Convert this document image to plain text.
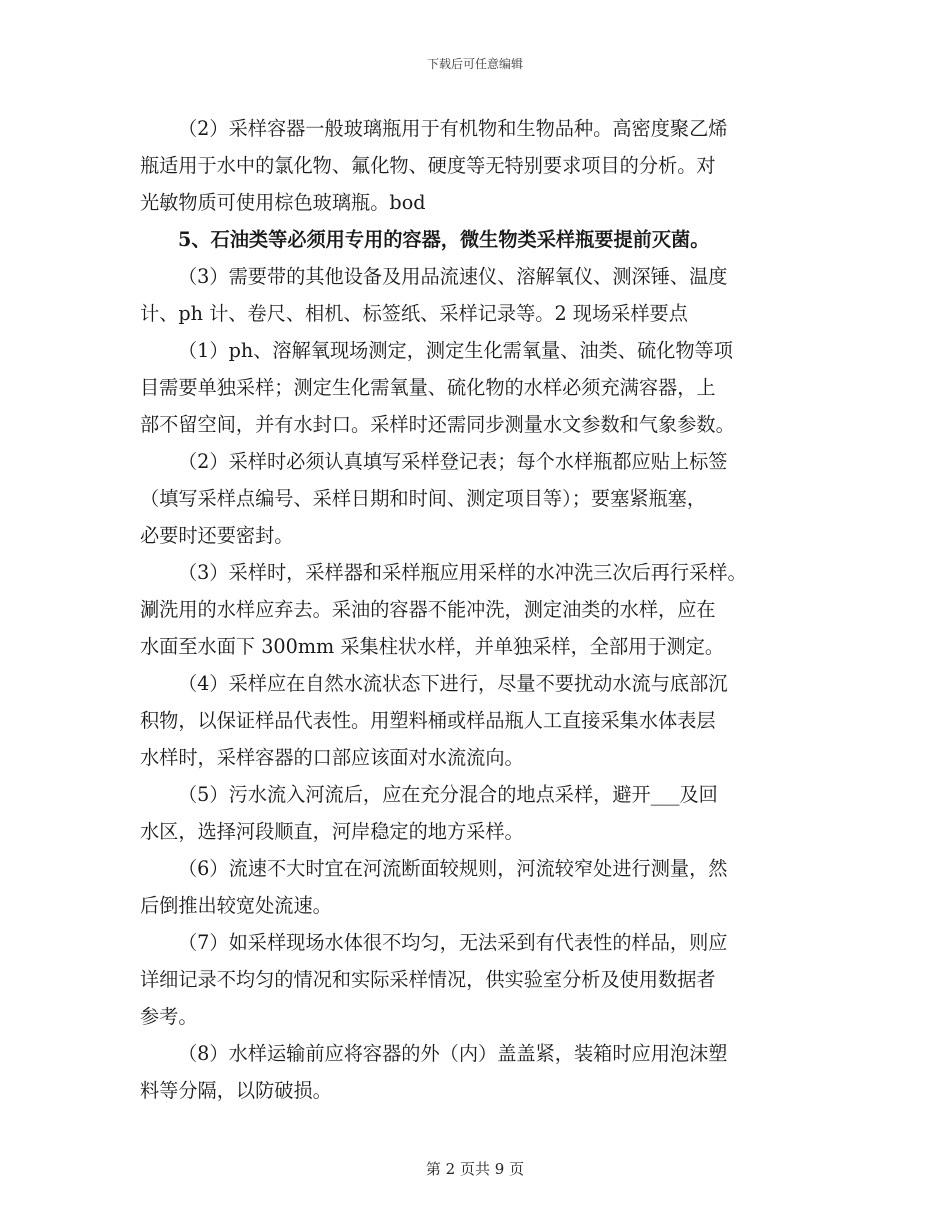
下载后可任意编辑
（2）采样容器一般玻璃瓶用于有机物和生物品种。高密度聚乙烯
瓶适用于水中的氯化物、氟化物、硬度等无特别要求项目的分析。对
光敏物质可使用棕色玻璃瓶。bod
5、石油类等必须用专用的容器，微生物类采样瓶要提前灭菌。
（3）需要带的其他设备及用品流速仪、溶解氧仪、测深锤、温度
计、ph 计、卷尺、相机、标签纸、采样记录等。2 现场采样要点
（1）ph、溶解氧现场测定，测定生化需氧量、油类、硫化物等项
目需要单独采样；测定生化需氧量、硫化物的水样必须充满容器，上
部不留空间，并有水封口。采样时还需同步测量水文参数和气象参数。
（2）采样时必须认真填写采样登记表；每个水样瓶都应贴上标签
（填写采样点编号、采样日期和时间、测定项目等）；要塞紧瓶塞，
必要时还要密封。
（3）采样时，采样器和采样瓶应用采样的水冲洗三次后再行采样。
涮洗用的水样应弃去。采油的容器不能冲洗，测定油类的水样，应在
水面至水面下 300mm 采集柱状水样，并单独采样，全部用于测定。
（4）采样应在自然水流状态下进行，尽量不要扰动水流与底部沉
积物，以保证样品代表性。用塑料桶或样品瓶人工直接采集水体表层
水样时，采样容器的口部应该面对水流流向。
（5）污水流入河流后，应在充分混合的地点采样，避开___及回
水区，选择河段顺直，河岸稳定的地方采样。
（6）流速不大时宜在河流断面较规则，河流较窄处进行测量，然
后倒推出较宽处流速。
（7）如采样现场水体很不均匀，无法采到有代表性的样品，则应
详细记录不均匀的情况和实际采样情况，供实验室分析及使用数据者
参考。
（8）水样运输前应将容器的外（内）盖盖紧，装箱时应用泡沫塑
料等分隔，以防破损。
第 2 页共 9 页
